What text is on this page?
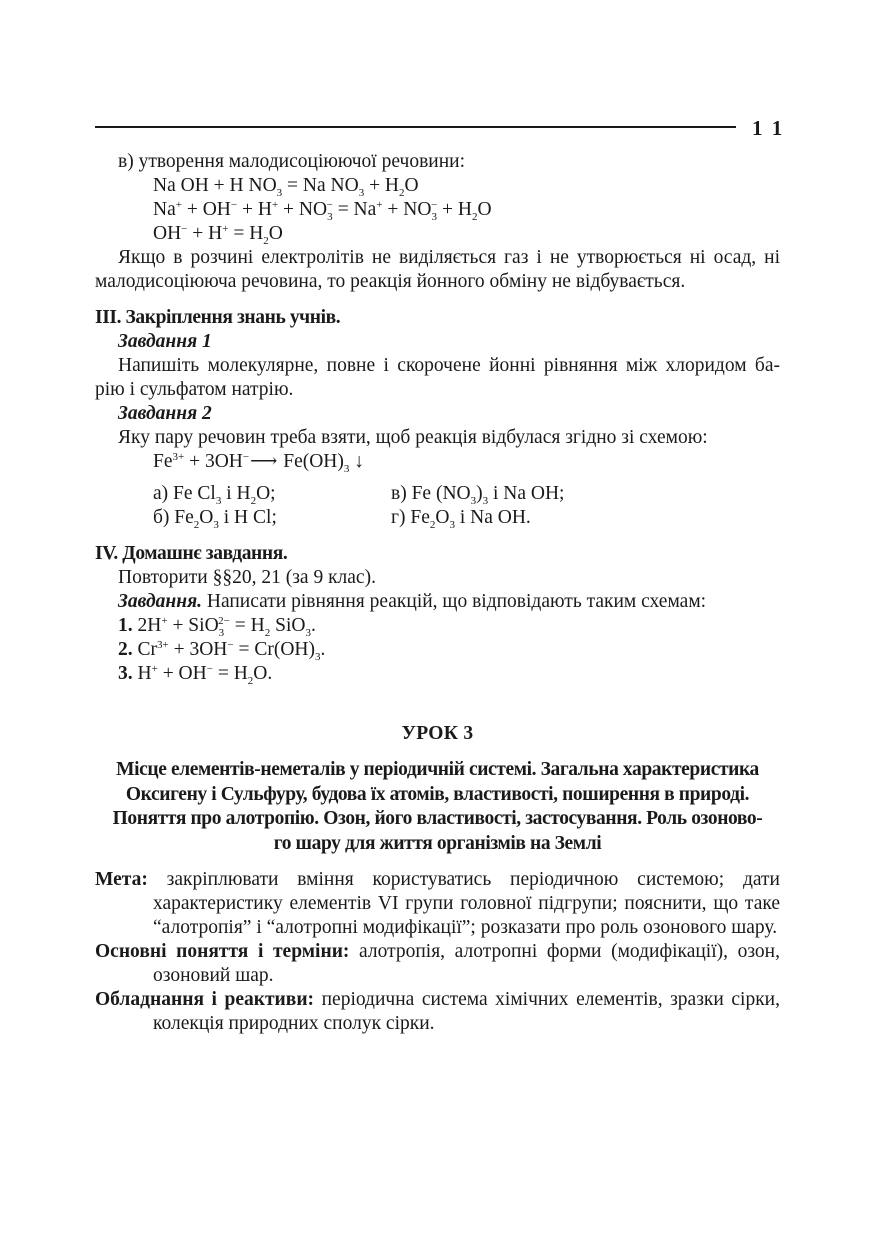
1 1
в) утворення малодисоціюючої речовини:
Na OH + H $NO_3 = Na$ $NO_3 + H_2O$
$Na^+ + OH^- + H^+ + NO_3^- = Na^+ + NO_3^- + H_2O$
$OH^- + H^+ = H_2O$
Якщо в розчині електролітів не виділяється газ і не утворюється ні осад, ні
малодисоціюючa речовина, то реакція йонного обміну не відбувається.
ІІІ. Закріплення знань учнів.
Завдання 1
Напишіть молекулярне, повне і скорочене йонні рівняння між хлоридом ба-
рію і сульфатом натрію.
Завдання 2
Яку пару речовин треба взяти, щоб реакція відбулася згідно зі схемою:
$Fe^{3+}$ + 3OH−⟶ $Fe(OH)_3$ ↓
а) Fe $Cl_3$ і $H_2O$;	в) Fe $(NO_3)_3$ і Na OH;
б) $Fe_2O_3$ і H Cl;	г) $Fe_2O_3$ і Na OH.
IV. Домашнє завдання.
Повторити §§20, 21 (за 9 клас).
Завдання. Написати рівняння реакцій, що відповідають таким схемам:
1. $2H^+ + SiO_3^{2-} = H_2$ SiO$_3$.
2. $Cr^{3+} + 3OH^- = Cr(OH)_3$.
3. $H^+ + OH^- = H_2O$.
УРОК 3
Місце елементів-неметалів у періодичній системі. Загальна характеристика
Оксигену і Сульфуру, будова їх атомів, властивості, поширення в природі.
Поняття про алотропію. Озон, його властивості, застосування. Роль озоново-
го шару для життя організмів на Землі
Мета: закріплювати вміння користуватись періодичною системою; дати характеристику елементів VI групи головної підгрупи; пояснити, що таке “алотропія” і “алотропні модифікації”; розказати про роль озонового шару.
Основні поняття і терміни: алотропія, алотропні форми (модифікації), озон, озоновий шар.
Обладнання і реактиви: періодична система хімічних елементів, зразки сірки, колекція природних сполук сірки.
